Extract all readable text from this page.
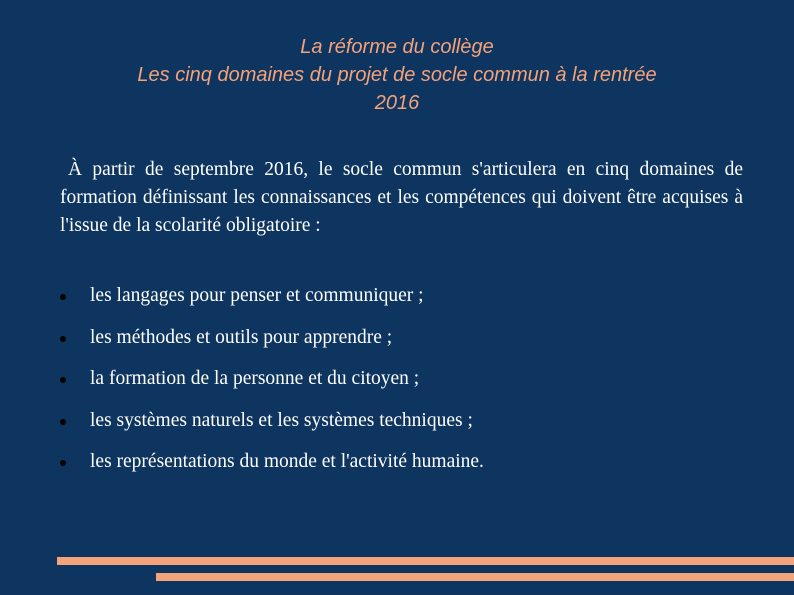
La réforme du collège
Les cinq domaines du projet de socle commun à la rentrée
2016

À partir de septembre 2016, le socle commun s'articulera en cinq domaines de formation définissant les connaissances et les compétences qui doivent être acquises à l'issue de la scolarité obligatoire :

les langages pour penser et communiquer ;
les méthodes et outils pour apprendre ;
la formation de la personne et du citoyen ;
les systèmes naturels et les systèmes techniques ;
les représentations du monde et l'activité humaine.
